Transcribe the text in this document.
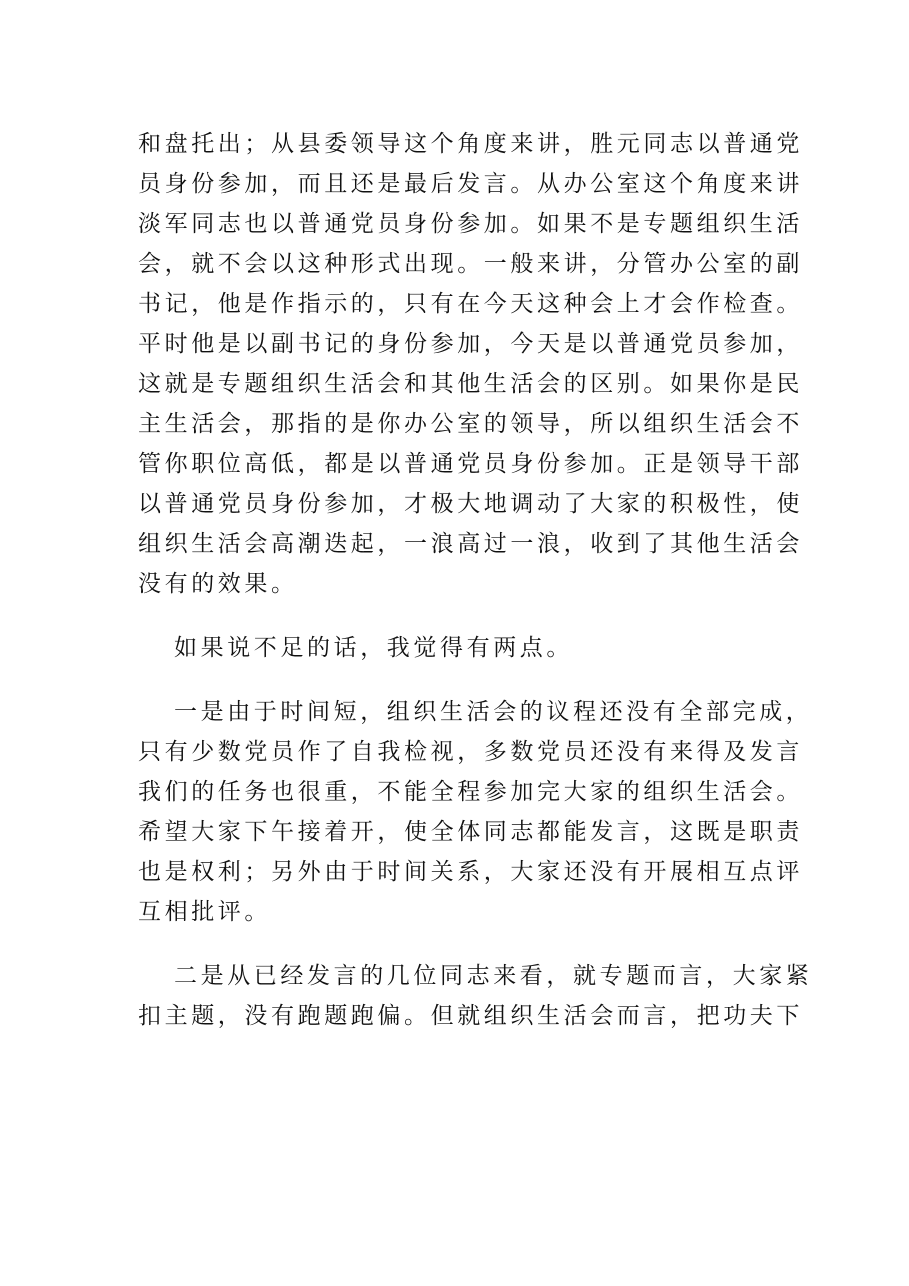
和盘托出；从县委领导这个角度来讲，胜元同志以普通党
员身份参加，而且还是最后发言。从办公室这个角度来讲
淡军同志也以普通党员身份参加。如果不是专题组织生活
会，就不会以这种形式出现。一般来讲，分管办公室的副
书记，他是作指示的，只有在今天这种会上才会作检查。
平时他是以副书记的身份参加，今天是以普通党员参加，
这就是专题组织生活会和其他生活会的区别。如果你是民
主生活会，那指的是你办公室的领导，所以组织生活会不
管你职位高低，都是以普通党员身份参加。正是领导干部
以普通党员身份参加，才极大地调动了大家的积极性，使
组织生活会高潮迭起，一浪高过一浪，收到了其他生活会
没有的效果。
如果说不足的话，我觉得有两点。
一是由于时间短，组织生活会的议程还没有全部完成，
只有少数党员作了自我检视，多数党员还没有来得及发言
我们的任务也很重，不能全程参加完大家的组织生活会。
希望大家下午接着开，使全体同志都能发言，这既是职责
也是权利；另外由于时间关系，大家还没有开展相互点评
互相批评。
二是从已经发言的几位同志来看，就专题而言，大家紧
扣主题，没有跑题跑偏。但就组织生活会而言，把功夫下
